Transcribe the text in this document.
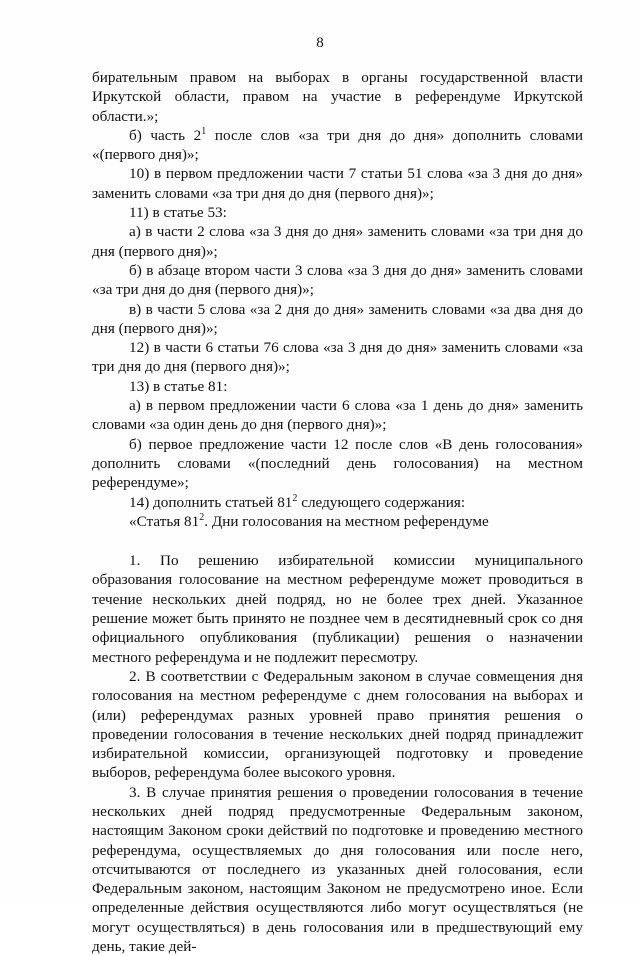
8

бирательным правом на выборах в органы государственной власти Иркутской области, правом на участие в референдуме Иркутской области.»;

б) часть $2^1$ после слов «за три дня до дня» дополнить словами «(первого дня)»;

10) в первом предложении части 7 статьи 51 слова «за 3 дня до дня» заменить словами «за три дня до дня (первого дня)»;

11) в статье 53:

а) в части 2 слова «за 3 дня до дня» заменить словами «за три дня до дня (первого дня)»;

б) в абзаце втором части 3 слова «за 3 дня до дня» заменить словами «за три дня до дня (первого дня)»;

в) в части 5 слова «за 2 дня до дня» заменить словами «за два дня до дня (первого дня)»;

12) в части 6 статьи 76 слова «за 3 дня до дня» заменить словами «за три дня до дня (первого дня)»;

13) в статье 81:

а) в первом предложении части 6 слова «за 1 день до дня» заменить словами «за один день до дня (первого дня)»;

б) первое предложение части 12 после слов «В день голосования» дополнить словами «(последний день голосования) на местном референдуме»;

14) дополнить статьей $81^2$ следующего содержания:

«Статья $81^2$. Дни голосования на местном референдуме

1. По решению избирательной комиссии муниципального образования голосование на местном референдуме может проводиться в течение нескольких дней подряд, но не более трех дней. Указанное решение может быть принято не позднее чем в десятидневный срок со дня официального опубликования (публикации) решения о назначении местного референдума и не подлежит пересмотру.

2. В соответствии с Федеральным законом в случае совмещения дня голосования на местном референдуме с днем голосования на выборах и (или) референдумах разных уровней право принятия решения о проведении голосования в течение нескольких дней подряд принадлежит избирательной комиссии, организующей подготовку и проведение выборов, референдума более высокого уровня.

3. В случае принятия решения о проведении голосования в течение нескольких дней подряд предусмотренные Федеральным законом, настоящим Законом сроки действий по подготовке и проведению местного референдума, осуществляемых до дня голосования или после него, отсчитываются от последнего из указанных дней голосования, если Федеральным законом, настоящим Законом не предусмотрено иное. Если определенные действия осуществляются либо могут осуществляться (не могут осуществляться) в день голосования или в предшествующий ему день, такие дей-
